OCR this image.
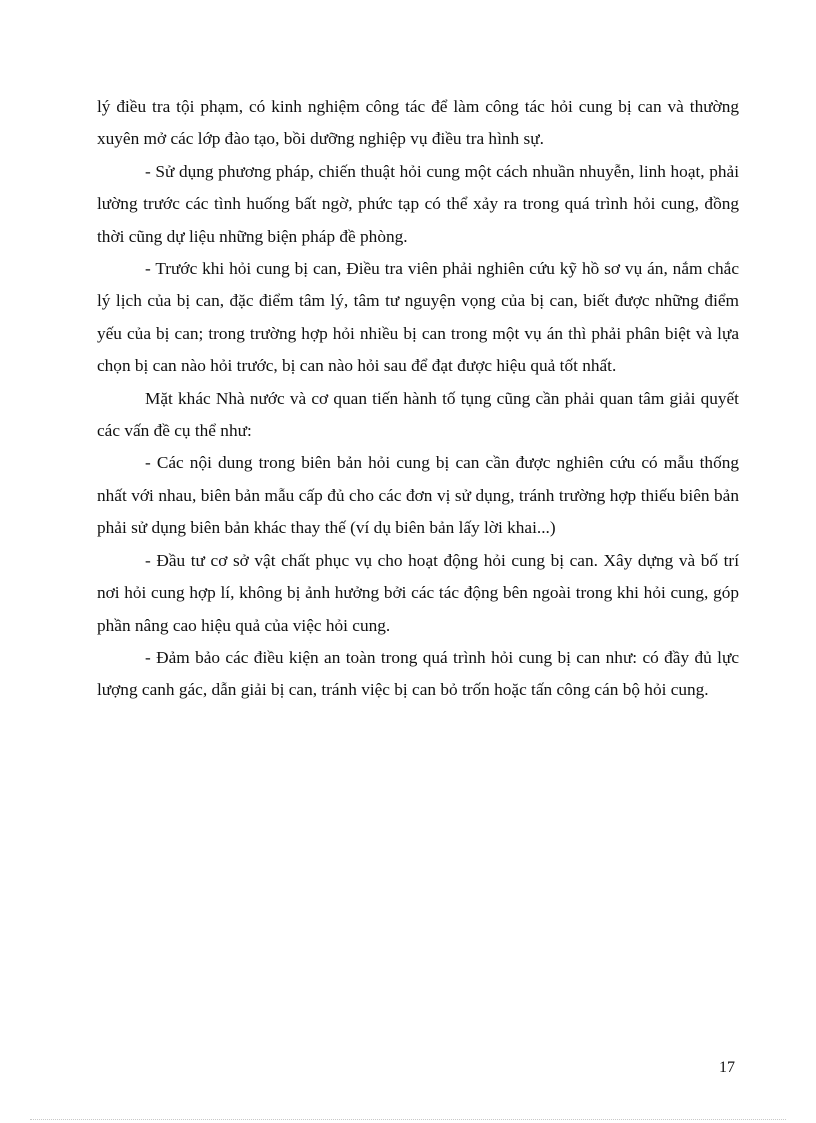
lý điều tra tội phạm, có kinh nghiệm công tác để làm công tác hỏi cung bị can và thường xuyên mở các lớp đào tạo, bồi dưỡng nghiệp vụ điều tra hình sự.

- Sử dụng phương pháp, chiến thuật hỏi cung một cách nhuần nhuyễn, linh hoạt, phải lường trước các tình huống bất ngờ, phức tạp có thể xảy ra trong quá trình hỏi cung, đồng thời cũng dự liệu những biện pháp đề phòng.

- Trước khi hỏi cung bị can, Điều tra viên phải nghiên cứu kỹ hồ sơ vụ án, nắm chắc lý lịch của bị can, đặc điểm tâm lý, tâm tư nguyện vọng của bị can, biết được những điểm yếu của bị can; trong trường hợp hỏi nhiều bị can trong một vụ án thì phải phân biệt và lựa chọn bị can nào hỏi trước, bị can nào hỏi sau để đạt được hiệu quả tốt nhất.

Mặt khác Nhà nước và cơ quan tiến hành tố tụng cũng cần phải quan tâm giải quyết các vấn đề cụ thể như:

- Các nội dung trong biên bản hỏi cung bị can cần được nghiên cứu có mẫu thống nhất với nhau, biên bản mẫu cấp đủ cho các đơn vị sử dụng, tránh trường hợp thiếu biên bản phải sử dụng biên bản khác thay thế (ví dụ biên bản lấy lời khai...)

- Đầu tư cơ sở vật chất phục vụ cho hoạt động hỏi cung bị can. Xây dựng và bố trí nơi hỏi cung hợp lí, không bị ảnh hưởng bởi các tác động bên ngoài trong khi hỏi cung, góp phần nâng cao hiệu quả của việc hỏi cung.

- Đảm bảo các điều kiện an toàn trong quá trình hỏi cung bị can như: có đầy đủ lực lượng canh gác, dẫn giải bị can, tránh việc bị can bỏ trốn hoặc tấn công cán bộ hỏi cung.

17
